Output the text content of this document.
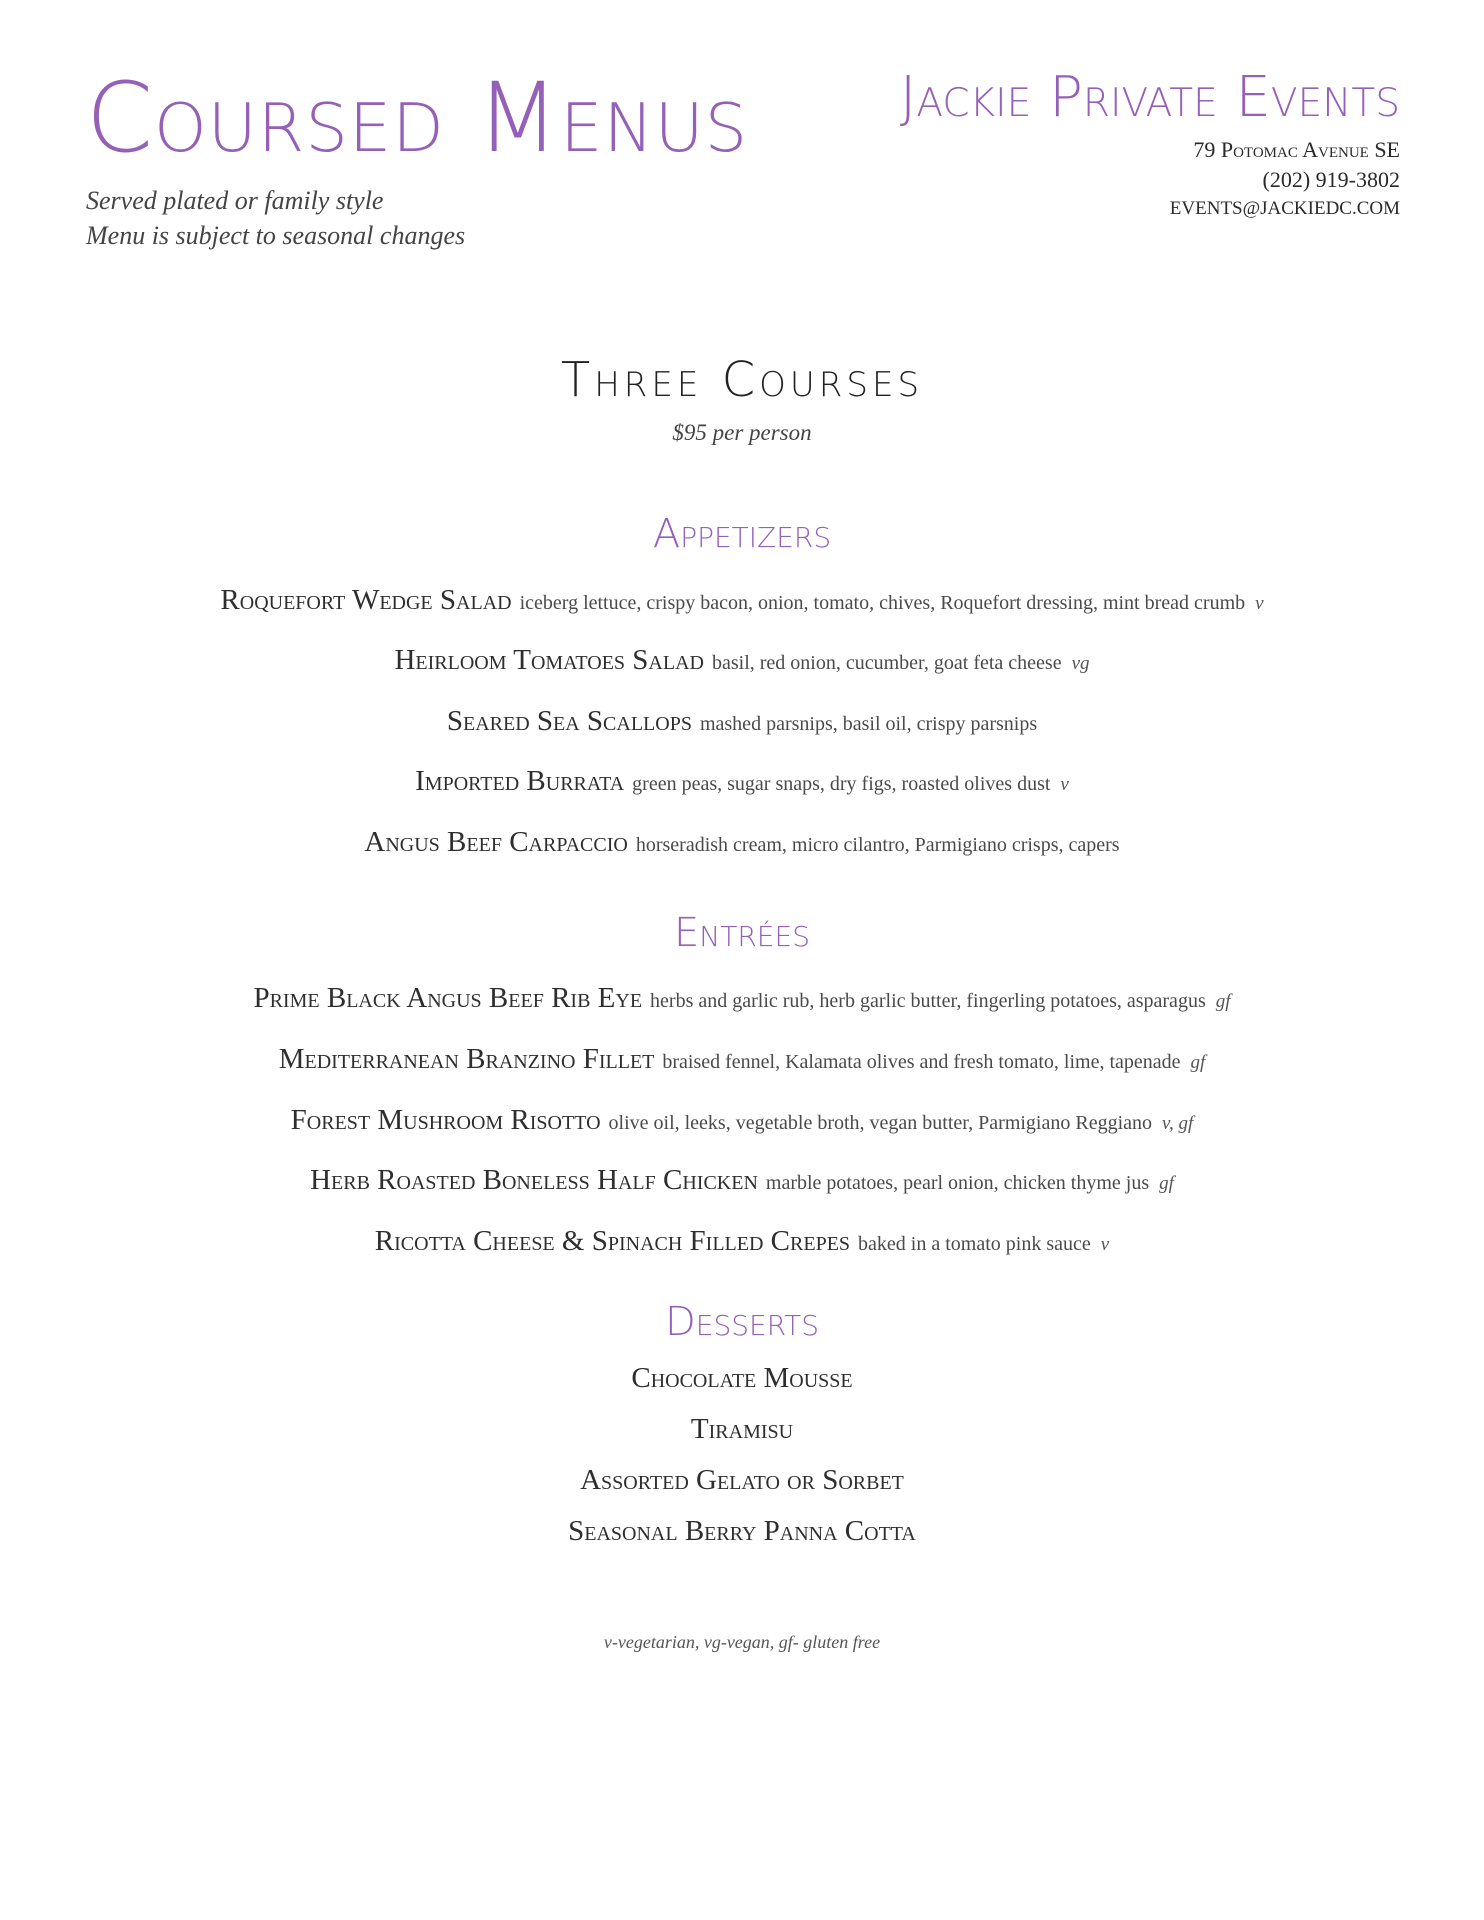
Coursed Menus
Served plated or family style
Menu is subject to seasonal changes
Jackie Private Events
79 Potomac Avenue SE
(202) 919-3802
EVENTS@JACKIEDC.COM
Three Courses
$95 per person
Appetizers
Roquefort Wedge Salad iceberg lettuce, crispy bacon, onion, tomato, chives, Roquefort dressing, mint bread crumb v
Heirloom Tomatoes Salad basil, red onion, cucumber, goat feta cheese vg
Seared Sea Scallops mashed parsnips, basil oil, crispy parsnips
Imported Burrata green peas, sugar snaps, dry figs, roasted olives dust v
Angus Beef Carpaccio horseradish cream, micro cilantro, Parmigiano crisps, capers
Entrées
Prime Black Angus Beef Rib Eye herbs and garlic rub, herb garlic butter, fingerling potatoes, asparagus gf
Mediterranean Branzino Fillet braised fennel, Kalamata olives and fresh tomato, lime, tapenade gf
Forest Mushroom Risotto olive oil, leeks, vegetable broth, vegan butter, Parmigiano Reggiano v, gf
Herb Roasted Boneless Half Chicken marble potatoes, pearl onion, chicken thyme jus gf
Ricotta Cheese & Spinach Filled Crepes baked in a tomato pink sauce v
Desserts
Chocolate Mousse
Tiramisu
Assorted Gelato or Sorbet
Seasonal Berry Panna Cotta
v-vegetarian, vg-vegan, gf- gluten free
